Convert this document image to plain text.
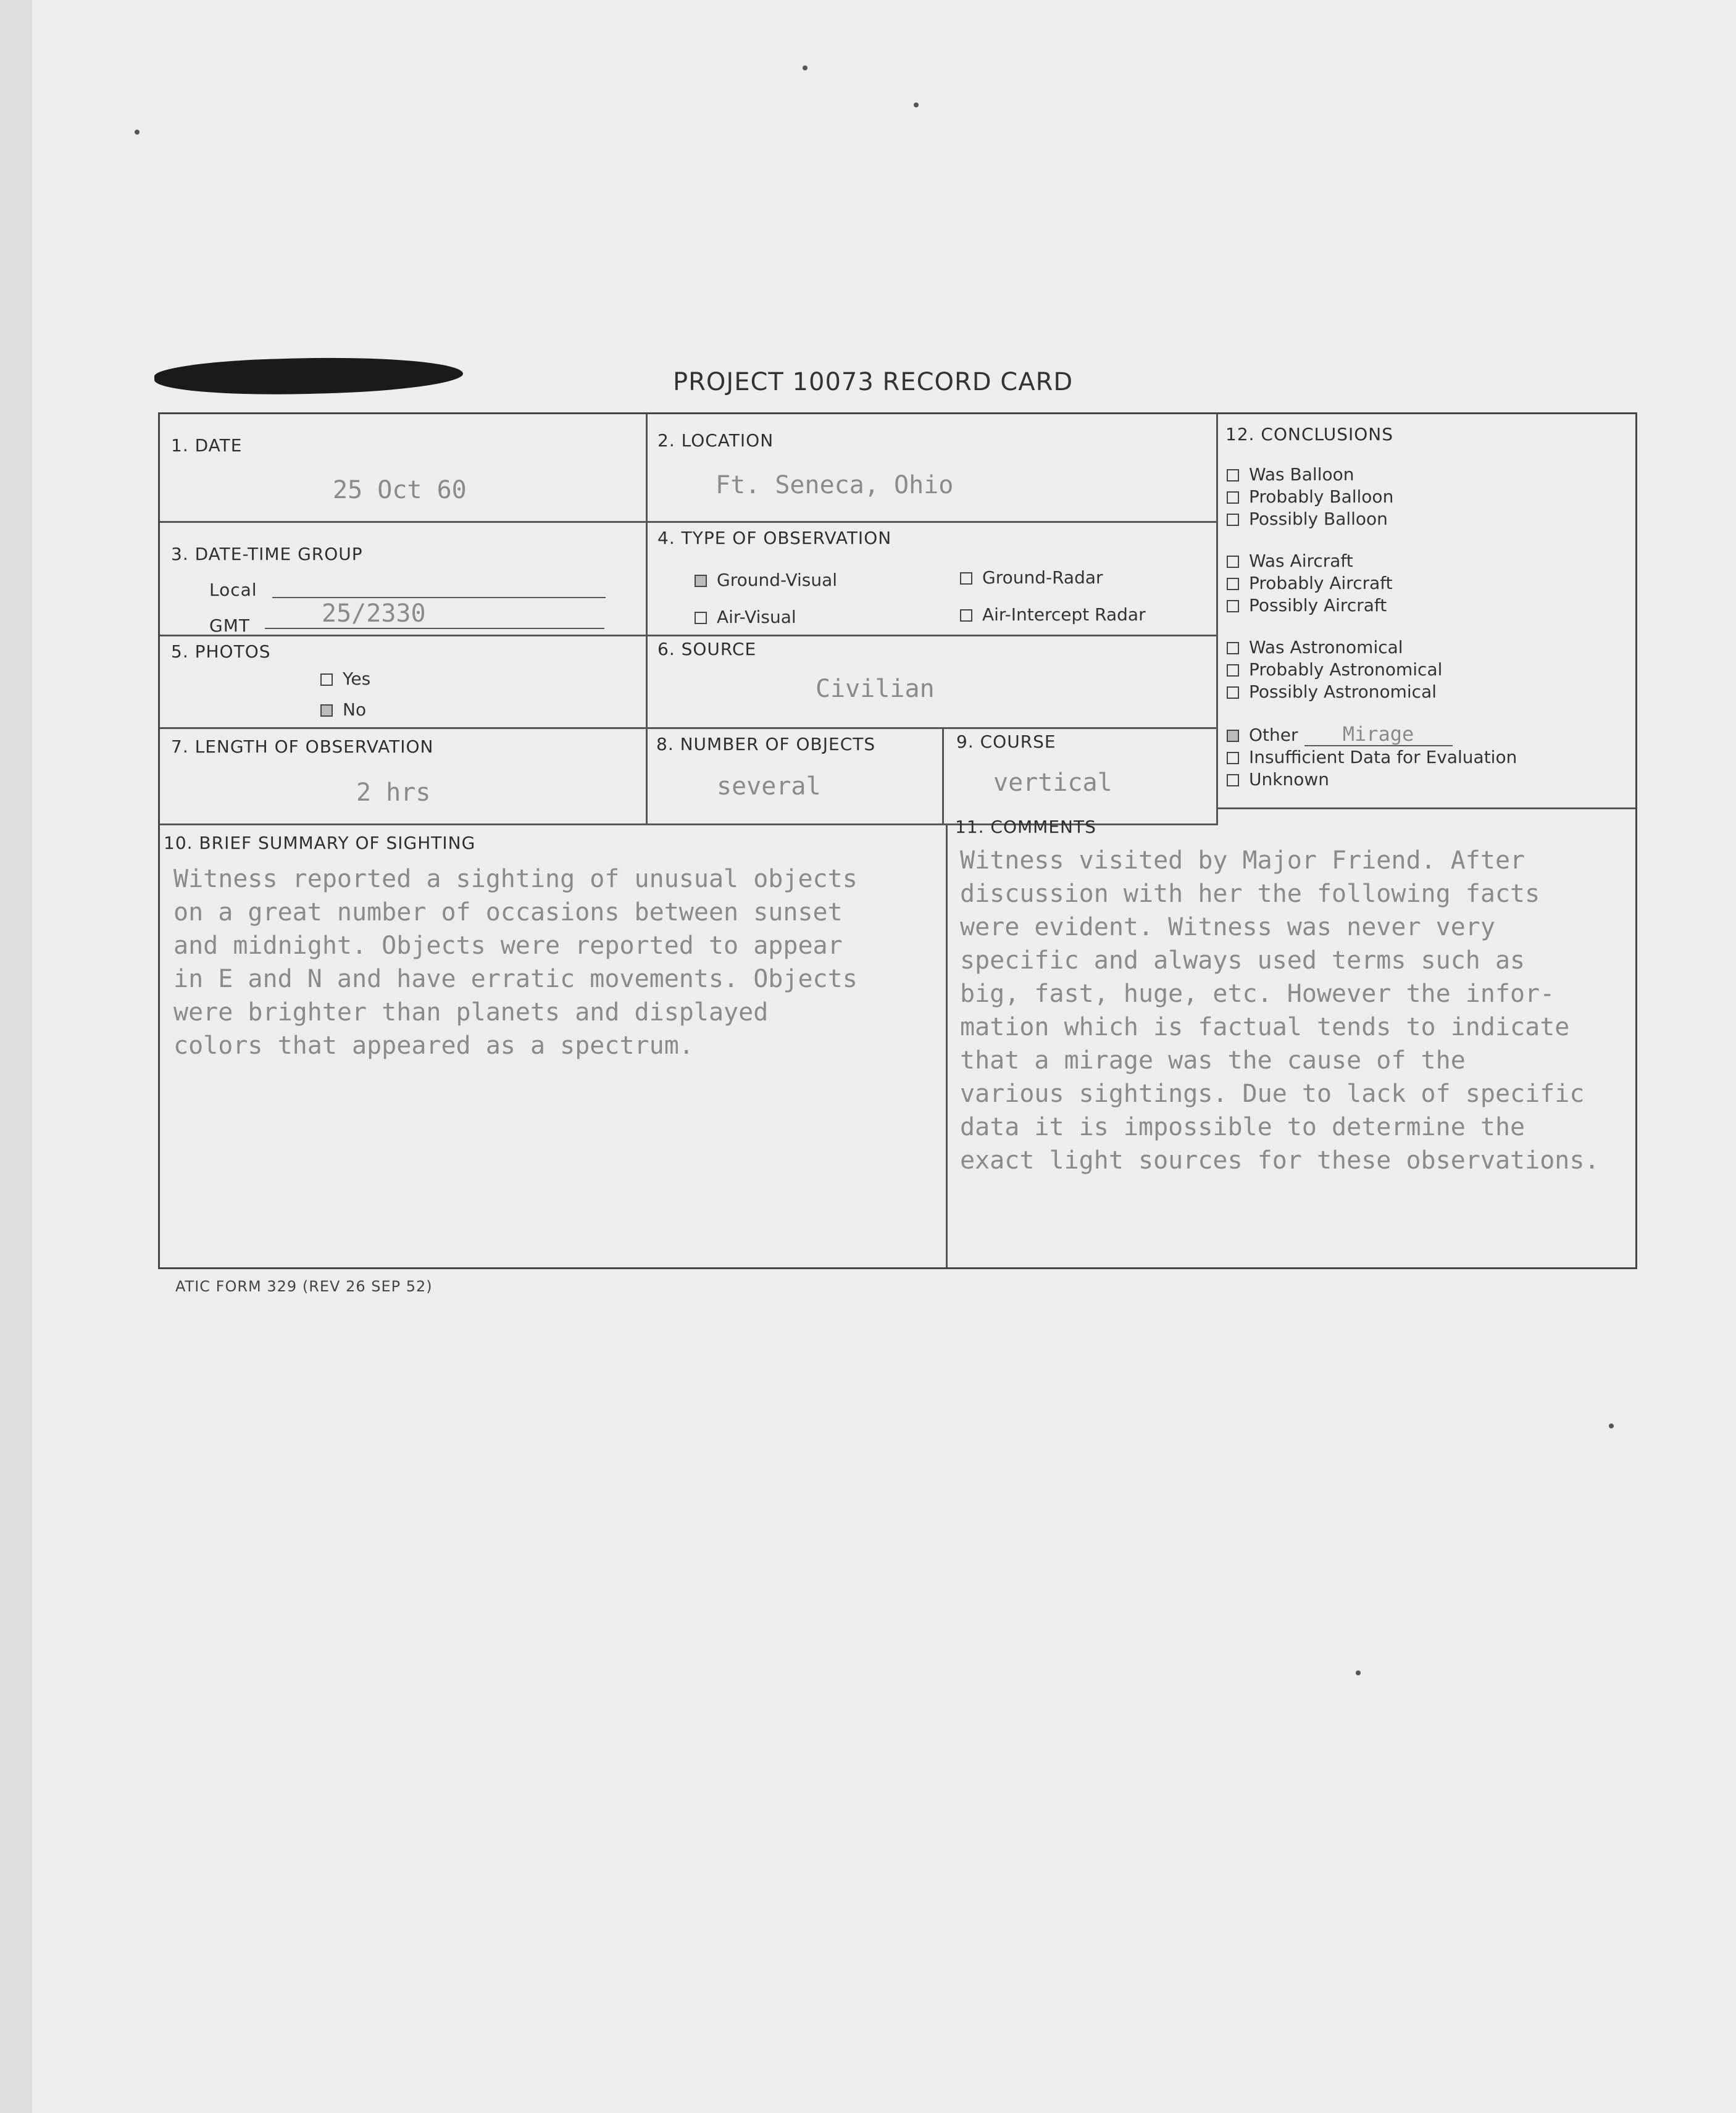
PROJECT 10073 RECORD CARD
1. DATE
25 Oct 60
2. LOCATION
Ft. Seneca, Ohio
3. DATE-TIME GROUP
Local
GMT	25/2330
4. TYPE OF OBSERVATION
Ground-Visual	Ground-Radar
Air-Visual	Air-Intercept Radar
5. PHOTOS
Yes
No
6. SOURCE
Civilian
7. LENGTH OF OBSERVATION
2 hrs
8. NUMBER OF OBJECTS
several
9. COURSE
vertical
12. CONCLUSIONS
Was Balloon
Probably Balloon
Possibly Balloon
Was Aircraft
Probably Aircraft
Possibly Aircraft
Was Astronomical
Probably Astronomical
Possibly Astronomical
Other Mirage
Insufficient Data for Evaluation
Unknown
10. BRIEF SUMMARY OF SIGHTING
Witness reported a sighting of unusual objects
on a great number of occasions between sunset
and midnight. Objects were reported to appear
in E and N and have erratic movements. Objects
were brighter than planets and displayed
colors that appeared as a spectrum.
11. COMMENTS
Witness visited by Major Friend. After
discussion with her the following facts
were evident. Witness was never very
specific and always used terms such as
big, fast, huge, etc. However the infor-
mation which is factual tends to indicate
that a mirage was the cause of the
various sightings. Due to lack of specific
data it is impossible to determine the
exact light sources for these observations.
ATIC FORM 329 (REV 26 SEP 52)
